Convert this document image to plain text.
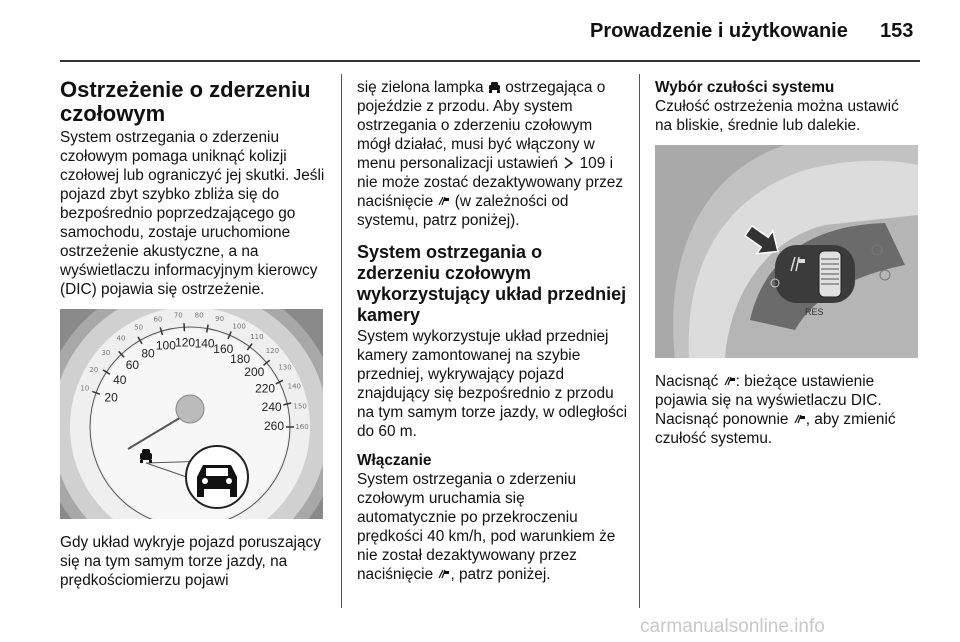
Prowadzenie i użytkowanie 153
Ostrzeżenie o zderzeniu czołowym

System ostrzegania o zderzeniu czołowym pomaga uniknąć kolizji czołowej lub ograniczyć jej skutki. Jeśli pojazd zbyt szybko zbliża się do bezpośrednio poprzedzającego go samochodu, zostaje uruchomione ostrzeżenie akustyczne, a na wyświetlaczu informacyjnym kierowcy (DIC) pojawia się ostrzeżenie.

10
20
30
40
50
60
70 80 90
100
110
120
130
140
150
160
20
40
60
80
100 120 140
160
180
200
220
240
260

Gdy układ wykryje pojazd poruszający się na tym samym torze jazdy, na prędkościomierzu pojawi

się zielona lampka ostrzegająca o pojeździe z przodu. Aby system ostrzegania o zderzeniu czołowym mógł działać, musi być włączony w menu personalizacji ustawień 109 i nie może zostać dezaktywowany przez naciśnięcie (w zależności od systemu, patrz poniżej).

System ostrzegania o zderzeniu czołowym wykorzystujący układ przedniej kamery

System wykorzystuje układ przedniej kamery zamontowanej na szybie przedniej, wykrywający pojazd znajdujący się bezpośrednio z przodu na tym samym torze jazdy, w odległości do 60 m.

Włączanie

System ostrzegania o zderzeniu czołowym uruchamia się automatycznie po przekroczeniu prędkości 40 km/h, pod warunkiem że nie został dezaktywowany przez naciśnięcie , patrz poniżej.

Wybór czułości systemu

Czułość ostrzeżenia można ustawić na bliskie, średnie lub dalekie.

RES

Nacisnąć : bieżące ustawienie pojawia się na wyświetlaczu DIC. Nacisnąć ponownie , aby zmienić czułość systemu.

carmanualsonline.info
